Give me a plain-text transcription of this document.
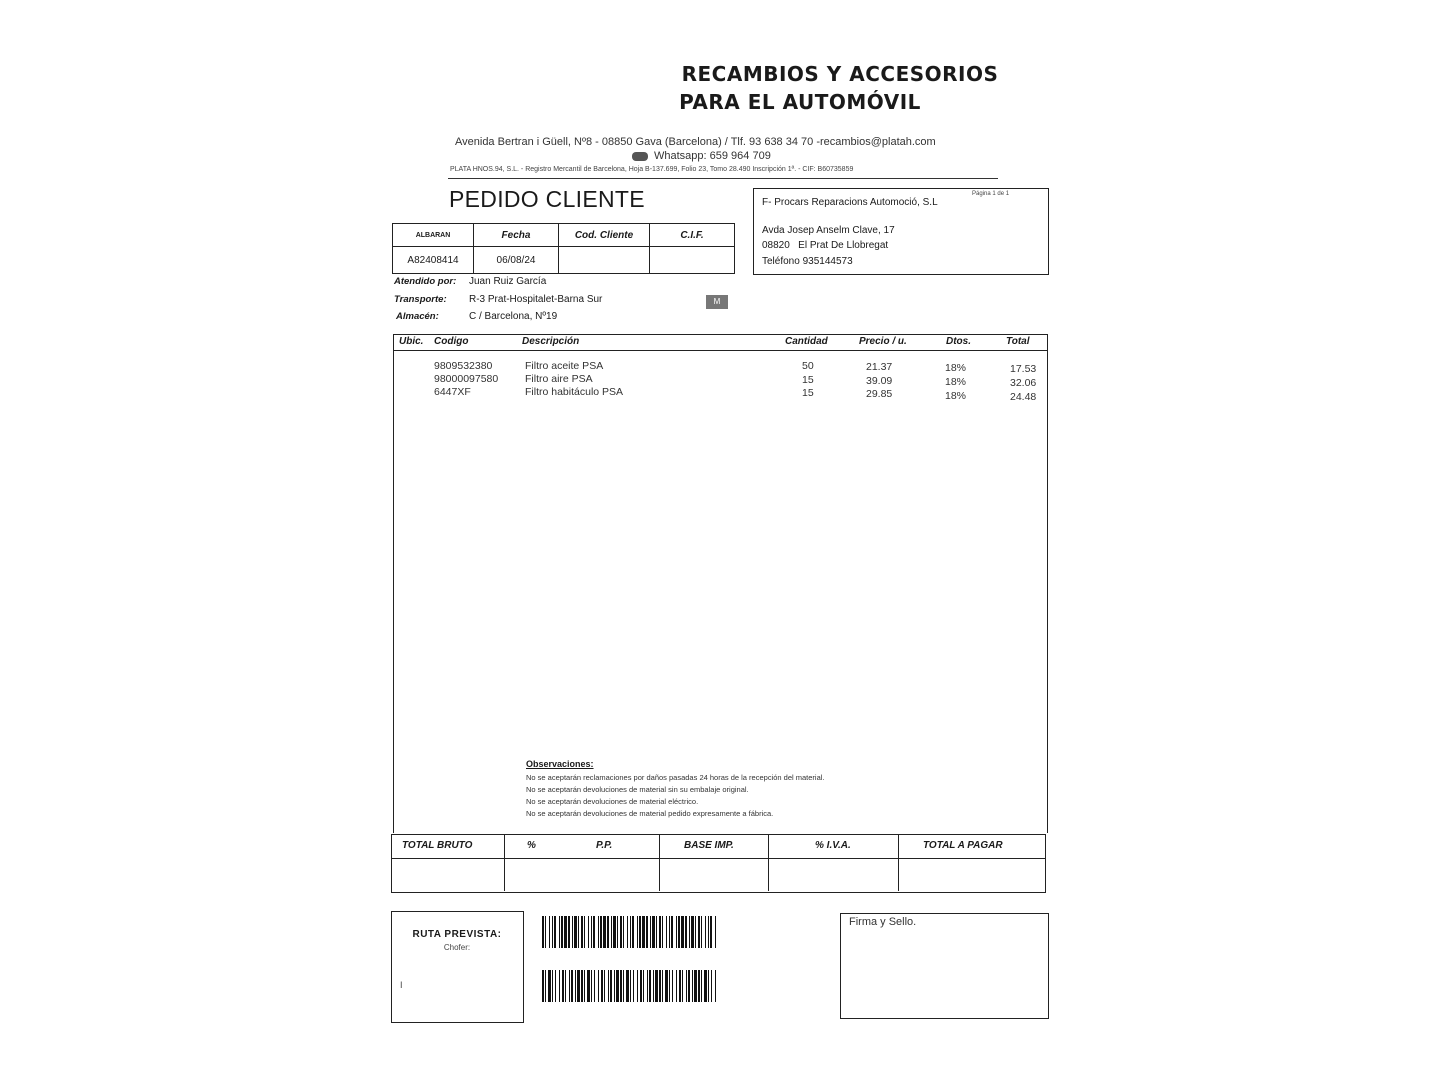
RECAMBIOS Y ACCESORIOS
PARA EL AUTOMÓVIL
Avenida Bertran i Güell, Nº8 - 08850 Gava (Barcelona) / Tlf. 93 638 34 70 -recambios@platah.com
Whatsapp: 659 964 709
PLATA HNOS.94, S.L. - Registro Mercantil de Barcelona, Hoja B-137.699, Folio 23, Tomo 28.490 Inscripción 1ª. - CIF: B60735859
PEDIDO CLIENTE
ALBARAN	Fecha	Cod. Cliente	C.I.F.
A82408414	06/08/24		
Página 1 de 1
F- Procars Reparacions Automoció, S.L
Avda Josep Anselm Clave, 17
08820 El Prat De Llobregat
Teléfono 935144573
Atendido por: Juan Ruiz García
Transporte: R-3 Prat-Hospitalet-Barna Sur
Almacén:	C / Barcelona, Nº19
M
Ubic. Codigo	Descripción	Cantidad	Precio / u.	Dtos.	Total
9809532380	Filtro aceite PSA	50	21.37	18%	17.53
98000097580	Filtro aire PSA	15	39.09	18%	32.06
6447XF	Filtro habitáculo PSA	15	29.85	18%	24.48
Observaciones:
No se aceptarán reclamaciones por daños pasadas 24 horas de la recepción del material.
No se aceptarán devoluciones de material sin su embalaje original.
No se aceptarán devoluciones de material eléctrico.
No se aceptarán devoluciones de material pedido expresamente a fábrica.
TOTAL BRUTO	%	P.P.	BASE IMP.	% I.V.A.	TOTAL A PAGAR
RUTA PREVISTA:
Chofer:
I
Firma y Sello.
